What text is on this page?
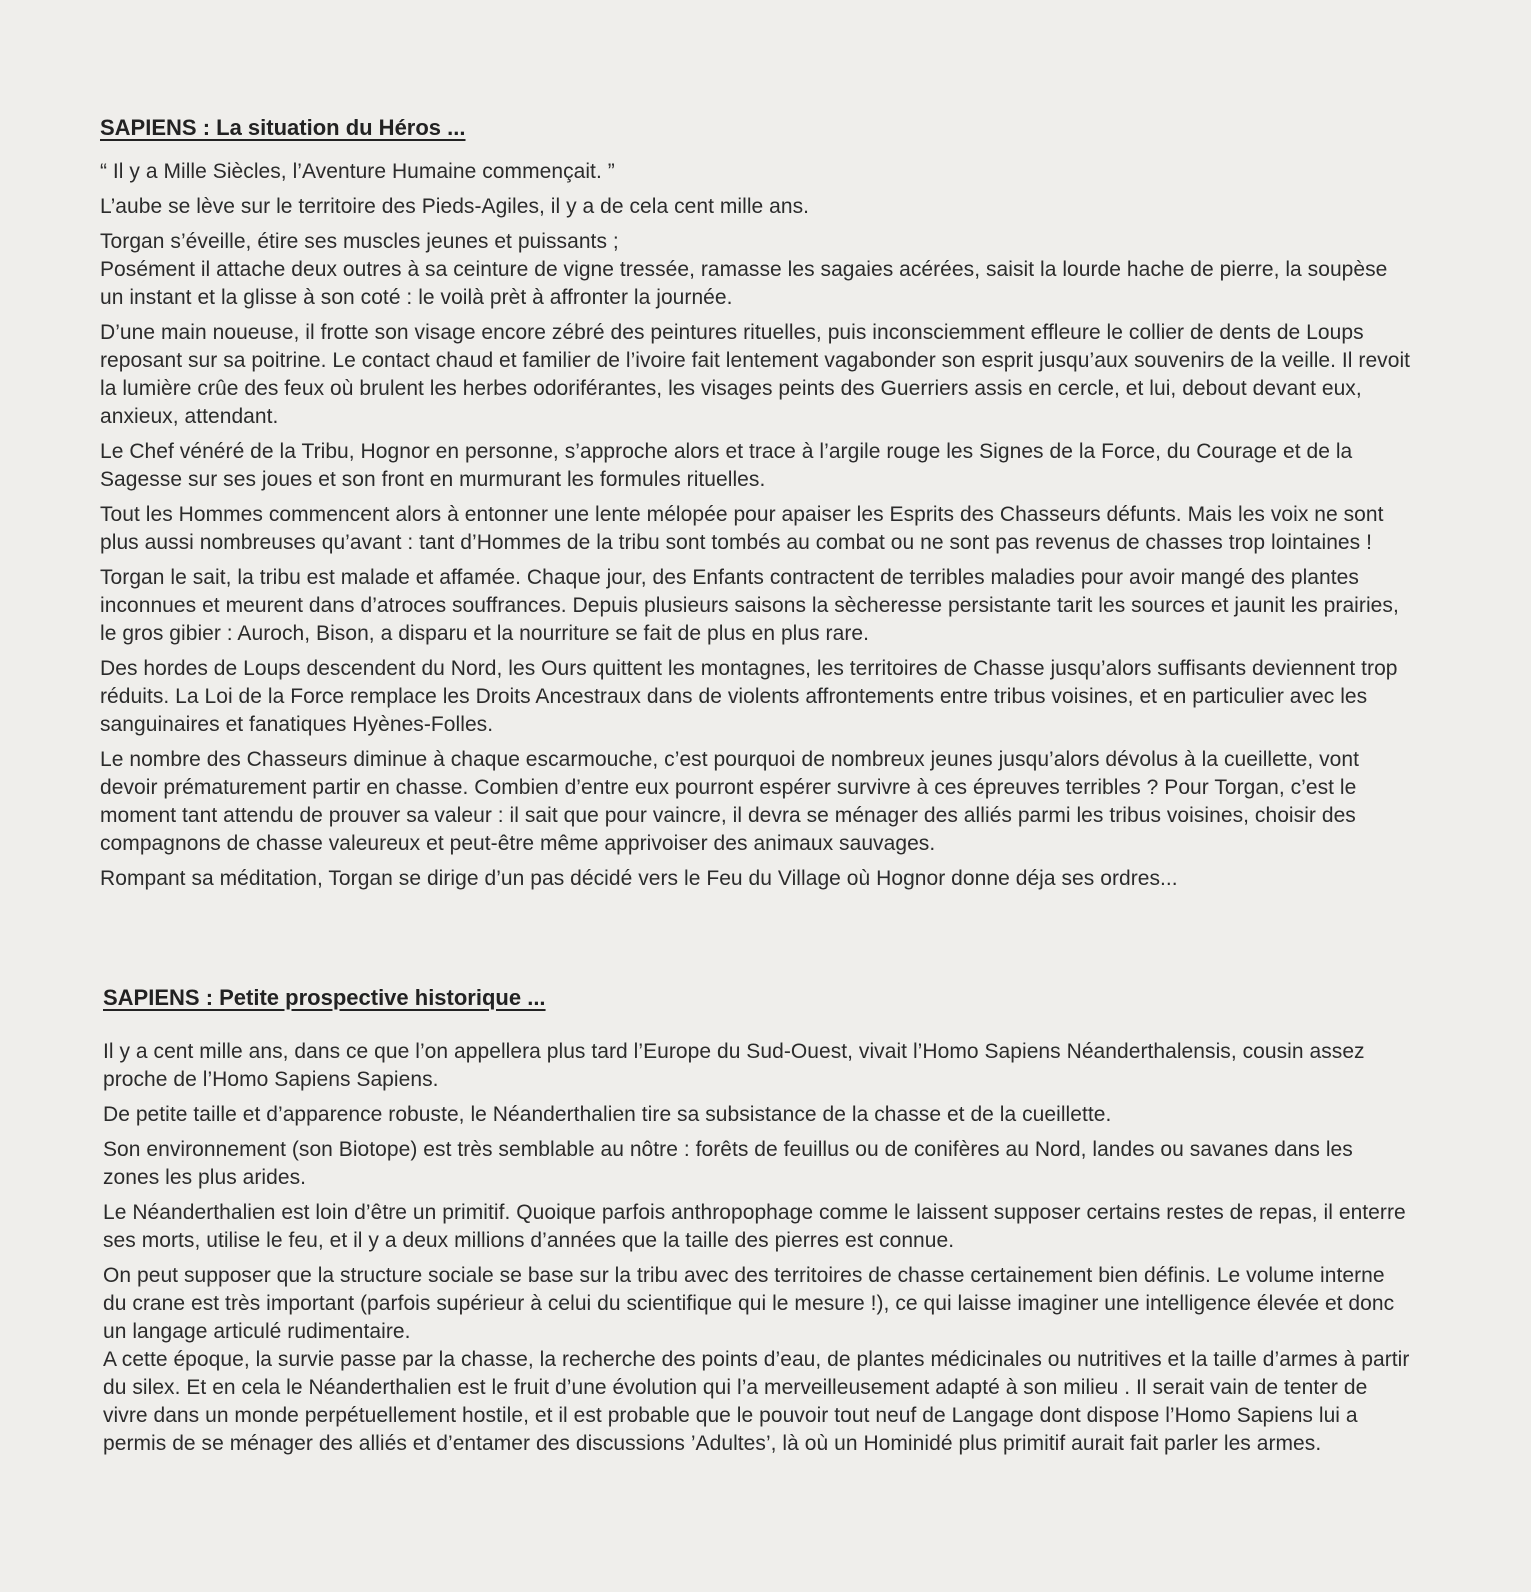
SAPIENS : La situation du Héros ...

“ Il y a Mille Siècles, l’Aventure Humaine commençait. ”

L’aube se lève sur le territoire des Pieds-Agiles, il y a de cela cent mille ans.

Torgan s’éveille, étire ses muscles jeunes et puissants ;

Posément il attache deux outres à sa ceinture de vigne tressée, ramasse les sagaies acérées, saisit la lourde hache de pierre, la soupèse un instant et la glisse à son coté : le voilà prèt à affronter la journée.

D’une main noueuse, il frotte son visage encore zébré des peintures rituelles, puis inconsciemment effleure le collier de dents de Loups reposant sur sa poitrine. Le contact chaud et familier de l’ivoire fait lentement vagabonder son esprit jusqu’aux souvenirs de la veille. Il revoit la lumière crûe des feux où brulent les herbes odoriférantes, les visages peints des Guerriers assis en cercle, et lui, debout devant eux, anxieux, attendant.

Le Chef vénéré de la Tribu, Hognor en personne, s’approche alors et trace à l’argile rouge les Signes de la Force, du Courage et de la Sagesse sur ses joues et son front en murmurant les formules rituelles.

Tout les Hommes commencent alors à entonner une lente mélopée pour apaiser les Esprits des Chasseurs défunts. Mais les voix ne sont plus aussi nombreuses qu’avant : tant d’Hommes de la tribu sont tombés au combat ou ne sont pas revenus de chasses trop lointaines !

Torgan le sait, la tribu est malade et affamée. Chaque jour, des Enfants contractent de terribles maladies pour avoir mangé des plantes inconnues et meurent dans d’atroces souffrances. Depuis plusieurs saisons la sècheresse persistante tarit les sources et jaunit les prairies, le gros gibier : Auroch, Bison, a disparu et la nourriture se fait de plus en plus rare.

Des hordes de Loups descendent du Nord, les Ours quittent les montagnes, les territoires de Chasse jusqu’alors suffisants deviennent trop réduits. La Loi de la Force remplace les Droits Ancestraux dans de violents affrontements entre tribus voisines, et en particulier avec les sanguinaires et fanatiques Hyènes-Folles.

Le nombre des Chasseurs diminue à chaque escarmouche, c’est pourquoi de nombreux jeunes jusqu’alors dévolus à la cueillette, vont devoir prématurement partir en chasse. Combien d’entre eux pourront espérer survivre à ces épreuves terribles ? Pour Torgan, c’est le moment tant attendu de prouver sa valeur : il sait que pour vaincre, il devra se ménager des alliés parmi les tribus voisines, choisir des compagnons de chasse valeureux et peut-être même apprivoiser des animaux sauvages.

Rompant sa méditation, Torgan se dirige d’un pas décidé vers le Feu du Village où Hognor donne déja ses ordres...

SAPIENS : Petite prospective historique ...

Il y a cent mille ans, dans ce que l’on appellera plus tard l’Europe du Sud-Ouest, vivait l’Homo Sapiens Néanderthalensis, cousin assez proche de l’Homo Sapiens Sapiens.

De petite taille et d’apparence robuste, le Néanderthalien tire sa subsistance de la chasse et de la cueillette.

Son environnement (son Biotope) est très semblable au nôtre : forêts de feuillus ou de conifères au Nord, landes ou savanes dans les zones les plus arides.

Le Néanderthalien est loin d’être un primitif. Quoique parfois anthropophage comme le laissent supposer certains restes de repas, il enterre ses morts, utilise le feu, et il y a deux millions d’années que la taille des pierres est connue.

On peut supposer que la structure sociale se base sur la tribu avec des territoires de chasse certainement bien définis. Le volume interne du crane est très important (parfois supérieur à celui du scientifique qui le mesure !), ce qui laisse imaginer une intelligence élevée et donc un langage articulé rudimentaire.

A cette époque, la survie passe par la chasse, la recherche des points d’eau, de plantes médicinales ou nutritives et la taille d’armes à partir du silex. Et en cela le Néanderthalien est le fruit d’une évolution qui l’a merveilleusement adapté à son milieu . Il serait vain de tenter de vivre dans un monde perpétuellement hostile, et il est probable que le pouvoir tout neuf de Langage dont dispose l’Homo Sapiens lui a permis de se ménager des alliés et d’entamer des discussions ’Adultes’, là où un Hominidé plus primitif aurait fait parler les armes.
